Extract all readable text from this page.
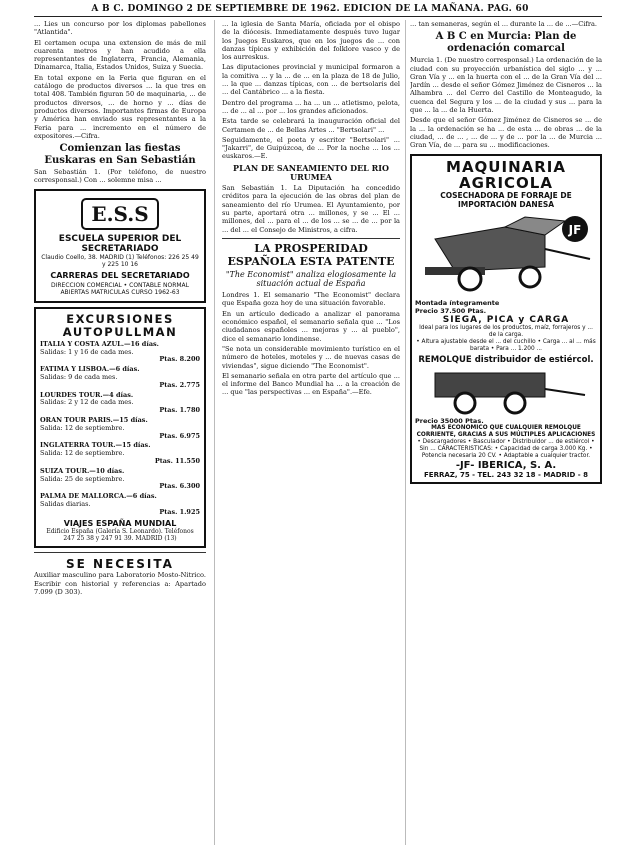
A B C. DOMINGO 2 DE SEPTIEMBRE DE 1962. EDICION DE LA MAÑANA. PAG. 60

... Lies un concurso por los diplomas pabellones "Atlantida".

El certamen ocupa una extension de más de mil cuarenta metros y han acudido a ella representantes de Inglaterra, Francia, Alemania, Dinamarca, Italia, Estados Unidos, Suiza y Suecia.

En total expone en la Feria que figuran en el catálogo de productos diversos ... la que tres en total 408. También figuran 50 de maquinaria, ... de productos diversos, ... de horno y ... días de productos diversos. Importantes firmas de Europa y América han enviado sus representantes a la Feria para ... incremento en el número de expositores.—Cifra.

Comienzan las fiestas Euskaras en San Sebastián

San Sebastián 1. (Por teléfono, de nuestro corresponsal.) Con ... solemne misa ...

E.S.S
ESCUELA SUPERIOR DEL SECRETARIADO
Claudio Coello, 38. MADRID (1) Teléfonos: 226 25 49 y 225 10 16
CARRERAS DEL SECRETARIADO
DIRECCION COMERCIAL • CONTABLE NORMAL
ABIERTAS MATRICULAS CURSO 1962-63
EXCURSIONES AUTOPULLMAN
ITALIA Y COSTA AZUL.—16 días.
Salidas: 1 y 16 de cada mes.
Ptas. 8.200
FATIMA Y LISBOA.—6 días.
Salidas: 9 de cada mes.
Ptas. 2.775
LOURDES TOUR.—4 días.
Salidas: 2 y 12 de cada mes.
Ptas. 1.780
ORAN TOUR PARIS.—15 días.
Salida: 12 de septiembre.
Ptas. 6.975
INGLATERRA TOUR.—15 días.
Salida: 12 de septiembre.
Ptas. 11.550
SUIZA TOUR.—10 días.
Salida: 25 de septiembre.
Ptas. 6.300
PALMA DE MALLORCA.—6 días.
Salidas diarias.
Ptas. 1.925
VIAJES ESPAÑA MUNDIAL
Edificio España (Galería S. Leonardo). Teléfonos 247 25 38 y 247 91 39. MADRID (13)
SE NECESITA

Auxiliar masculino para Laboratorio Mosto-Nitrico. Escribir con historial y referencias a: Apartado 7.099 (D 303).

... la iglesia de Santa María, oficiada por el obispo de la diócesis. Inmediatamente después tuvo lugar los Juegos Euskaros, que en los juegos de ... con danzas típicas y exhibición del folklore vasco y de los aurreskus.

Las diputaciones provincial y municipal formaron a la comitiva ... y la ... de ... en la plaza de 18 de Julio, ... la que ... danzas típicas, con ... de bertsolaris del ... del Cantábrico ... a la fiesta.

Dentro del programa ... ha ... un ... atletismo, pelota, ... de ... al ... por ... los grandes aficionados.

Esta tarde se celebrará la inauguración oficial del Certamen de ... de Bellas Artes ... "Bertsolari" ...

Seguidamente, el poeta y escritor "Bertsolari" ... "Jakarri", de Guipúzcoa, de ... Por la noche ... los ... euskaros.—E.

PLAN DE SANEAMIENTO DEL RIO URUMEA

San Sebastián 1. La Diputación ha concedido créditos para la ejecución de las obras del plan de saneamiento del río Urumea. El Ayuntamiento, por su parte, aportará otra ... millones, y se ... El ... millones, del ... para el ... de los ... se ... de ... por la ... del ... el Consejo de Ministros, a cifra.

LA PROSPERIDAD ESPAÑOLA ESTA PATENTE
"The Economist" analiza elogiosamente la situación actual de España

Londres 1. El semanario "The Economist" declara que España goza hoy de una situación favorable.

En un artículo dedicado a analizar el panorama económico español, el semanario señala que ... "Los ciudadanos españoles ... mejoras y ... al pueblo", dice el semanario londinense.

"Se nota un considerable movimiento turístico en el número de hoteles, moteles y ... de nuevas casas de viviendas", sigue diciendo "The Economist".

El semanario señala en otra parte del artículo que ... el informe del Banco Mundial ha ... a la creación de ... que "las perspectivas ... en España".—Efe.

... tan semaneras, según el ... durante la ... de ...—Cifra.

A B C en Murcia: Plan de ordenación comarcal

Murcia 1. (De nuestro corresponsal.) La ordenación de la ciudad con su proyección urbanística del siglo ... y ... Gran Vía y ... en la huerta con el ... de la Gran Vía del ... Jardín ... desde el señor Gómez Jiménez de Cisneros ... la Alhambra ... del Cerro del Castillo de Monteagudo, la cuenca del Segura y los ... de la ciudad y sus ... para la que ... la ... de la Huerta.

Desde que el señor Gómez Jiménez de Cisneros se ... de la ... la ordenación se ha ... de esta ... de obras ... de la ciudad, ... de ... , ... de ... y de ... por la ... de Murcia ... Gran Vía, de ... para su ... modificaciones.

MAQUINARIA AGRICOLA
COSECHADORA DE FORRAJE DE IMPORTACIÓN DANESA
JF
Montada íntegramente
Precio 37.500 Ptas.
SIEGA, PICA y CARGA
Ideal para los lugares de los productos, maíz, forrajeros y ... de la carga.
• Altura ajustable desde el ... del cuchillo • Carga ... al ... más barata • Para ... 1.200 ...
REMOLQUE distribuidor de estiércol.
Precio 35000 Ptas.
MAS ECONOMICO QUE CUALQUIER REMOLQUE CORRIENTE, GRACIAS A SUS MÚLTIPLES APLICACIONES
• Descargadores • Basculador • Distribuidor ... de estiércol • Sin ... CARACTERISTICAS: • Capacidad de carga 3.000 Kg. • Potencia necesaria 20 CV. • Adaptable a cualquier tractor.
-JF- IBERICA, S. A.
FERRAZ, 75 - TEL. 243 32 18 - MADRID - 8
